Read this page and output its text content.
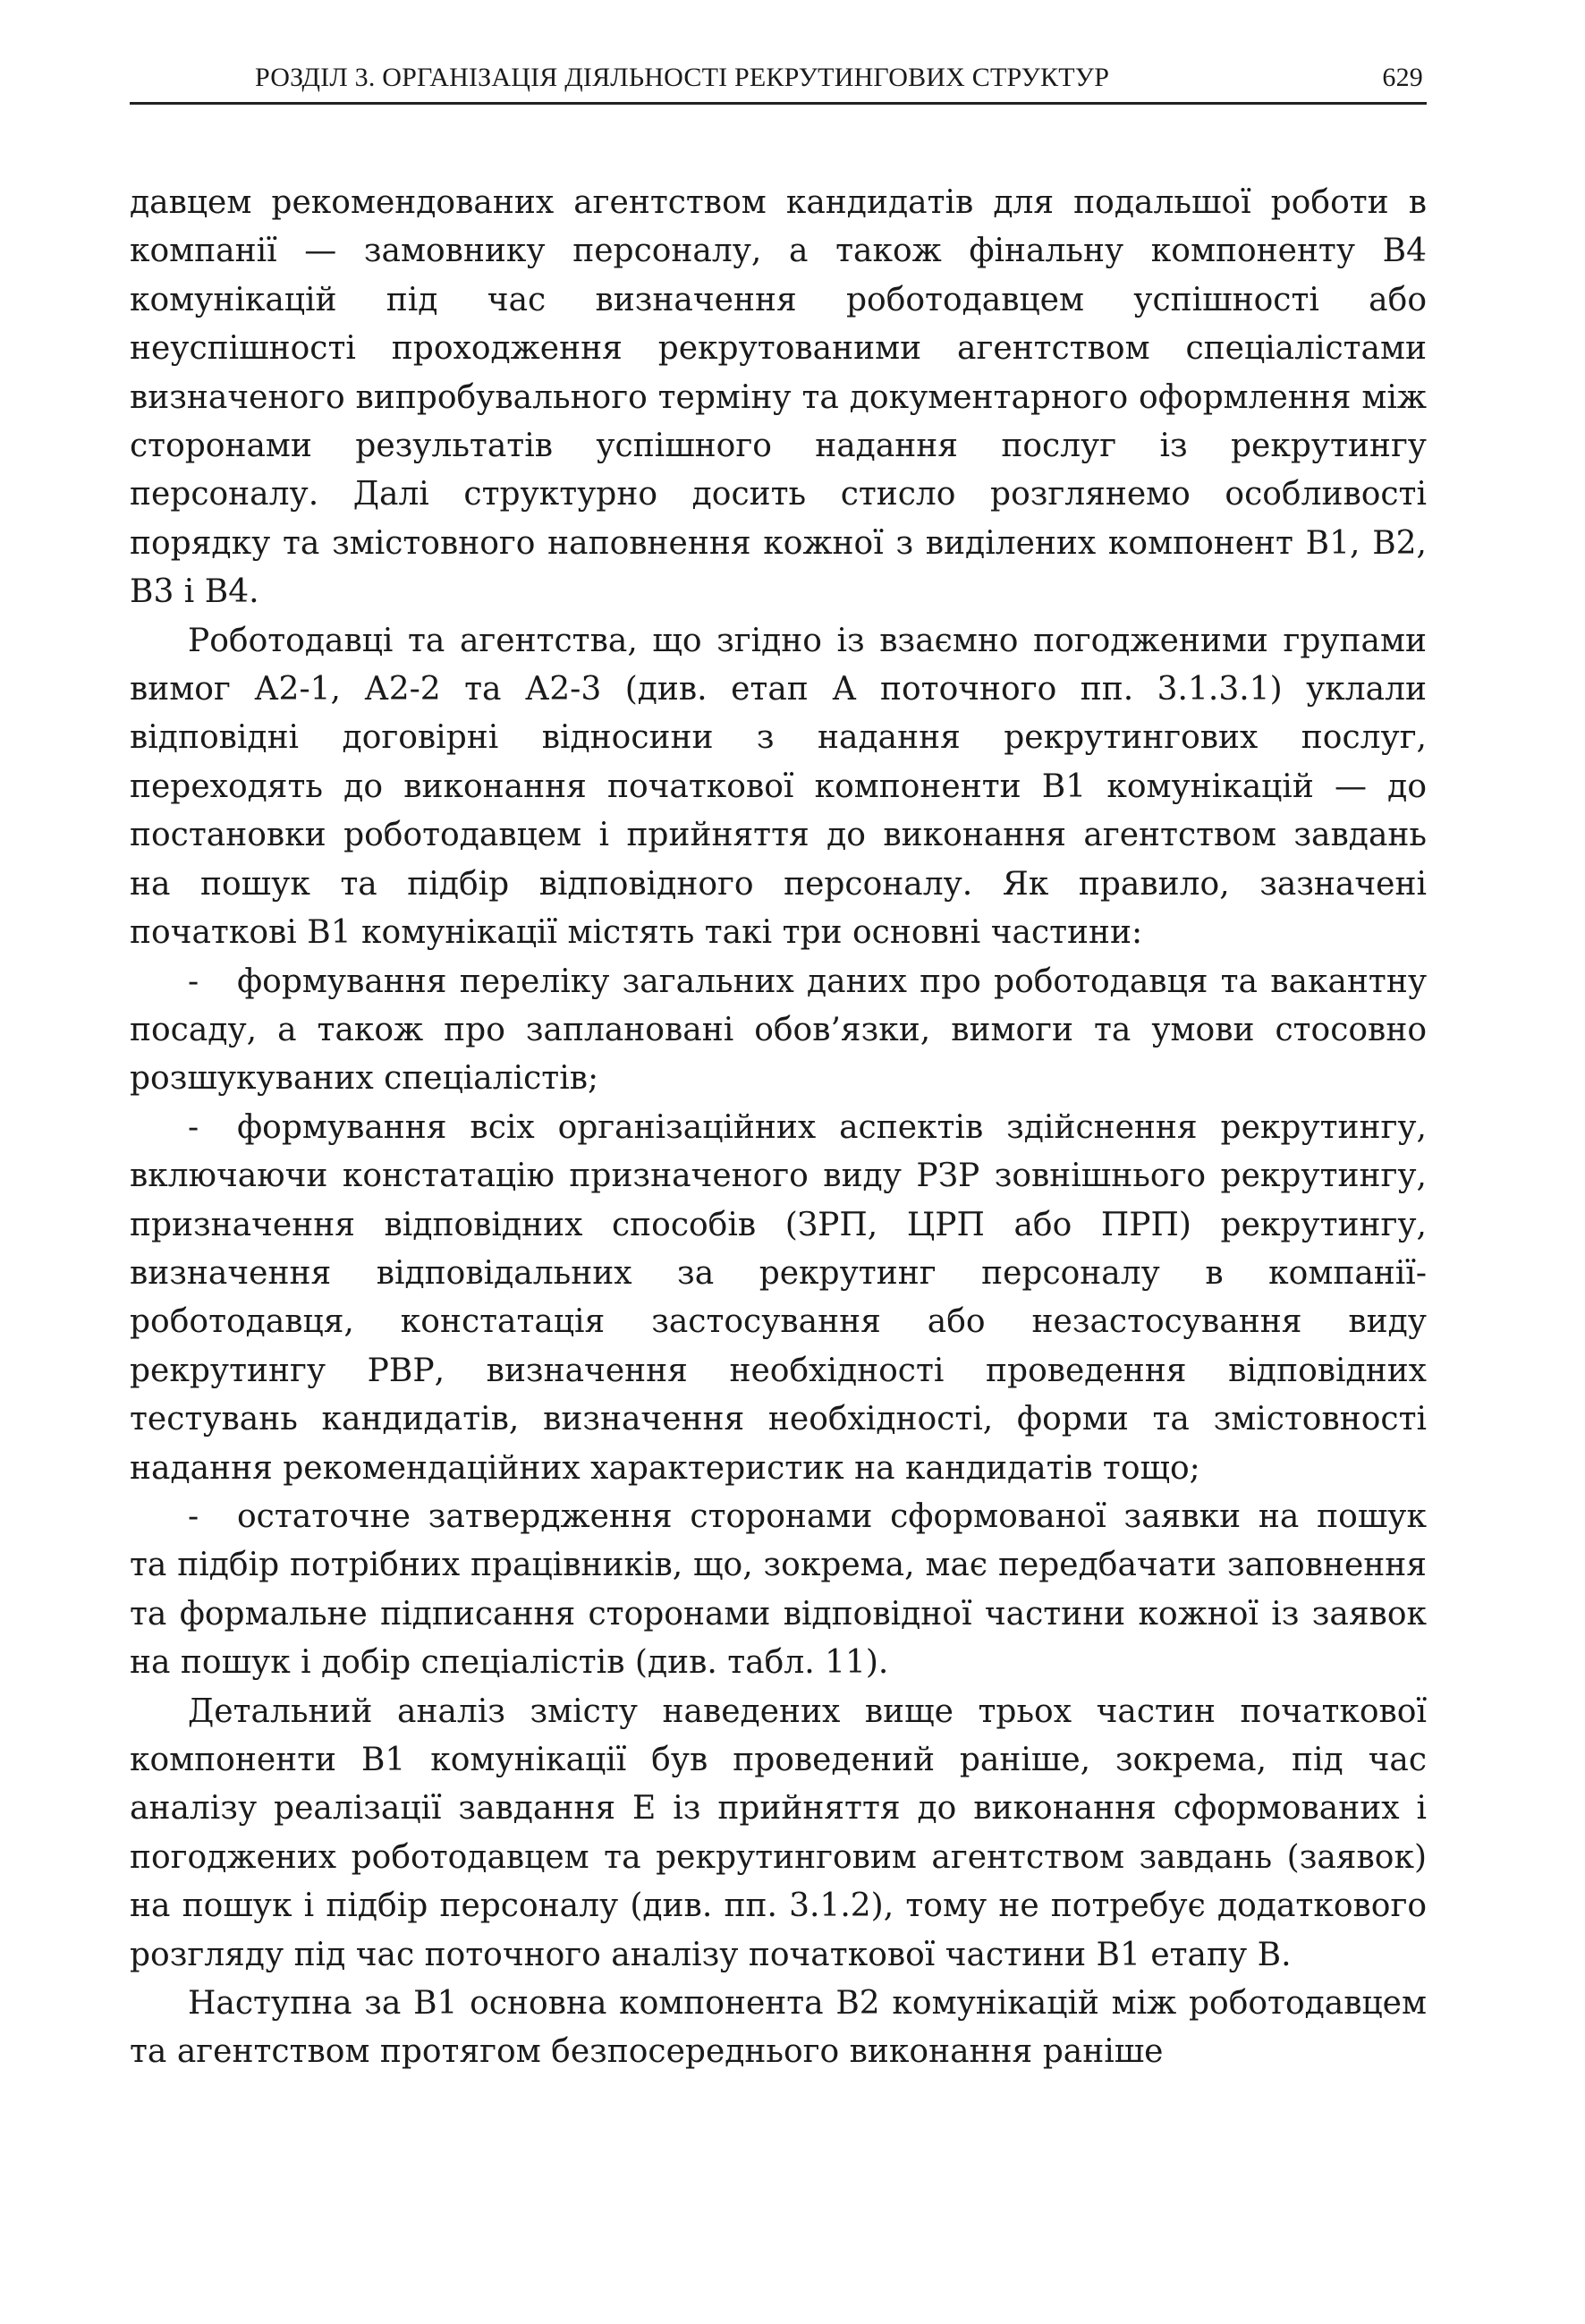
РОЗДІЛ 3. ОРГАНІЗАЦІЯ ДІЯЛЬНОСТІ РЕКРУТИНГОВИХ СТРУКТУР	629

давцем рекомендованих агентством кандидатів для подальшої роботи в компанії — замовнику персоналу, а також фінальну компоненту В4 комунікацій під час визначення роботодавцем успішності або неуспішності проходження рекрутованими агентством спеціалістами визначеного випробувального терміну та документарного оформлення між сторонами результатів успішного надання послуг із рекрутингу персоналу. Далі структурно досить стисло розглянемо особливості порядку та змістовного наповнення кожної з виділених компонент В1, В2, В3 і В4.

Роботодавці та агентства, що згідно із взаємно погодженими групами вимог А2-1, А2-2 та А2-3 (див. етап А поточного пп. 3.1.3.1) уклали відповідні договірні відносини з надання рекрутингових послуг, переходять до виконання початкової компоненти В1 комунікацій — до постановки роботодавцем і прийняття до виконання агентством завдань на пошук та підбір відповідного персоналу. Як правило, зазначені початкові В1 комунікації містять такі три основні частини:

- формування переліку загальних даних про роботодавця та вакантну посаду, а також про заплановані обов’язки, вимоги та умови стосовно розшукуваних спеціалістів;

- формування всіх організаційних аспектів здійснення рекрутингу, включаючи констатацію призначеного виду РЗР зовнішнього рекрутингу, призначення відповідних способів (ЗРП, ЦРП або ПРП) рекрутингу, визначення відповідальних за рекрутинг персоналу в компанії-роботодавця, констатація застосування або незастосування виду рекрутингу РВР, визначення необхідності проведення відповідних тестувань кандидатів, визначення необхідності, форми та змістовності надання рекомендаційних характеристик на кандидатів тощо;

- остаточне затвердження сторонами сформованої заявки на пошук та підбір потрібних працівників, що, зокрема, має передбачати заповнення та формальне підписання сторонами відповідної частини кожної із заявок на пошук і добір спеціалістів (див. табл. 11).

Детальний аналіз змісту наведених вище трьох частин початкової компоненти В1 комунікації був проведений раніше, зокрема, під час аналізу реалізації завдання Е із прийняття до виконання сформованих і погоджених роботодавцем та рекрутинговим агентством завдань (заявок) на пошук і підбір персоналу (див. пп. 3.1.2), тому не потребує додаткового розгляду під час поточного аналізу початкової частини В1 етапу В.

Наступна за В1 основна компонента В2 комунікацій між роботодавцем та агентством протягом безпосереднього виконання раніше
